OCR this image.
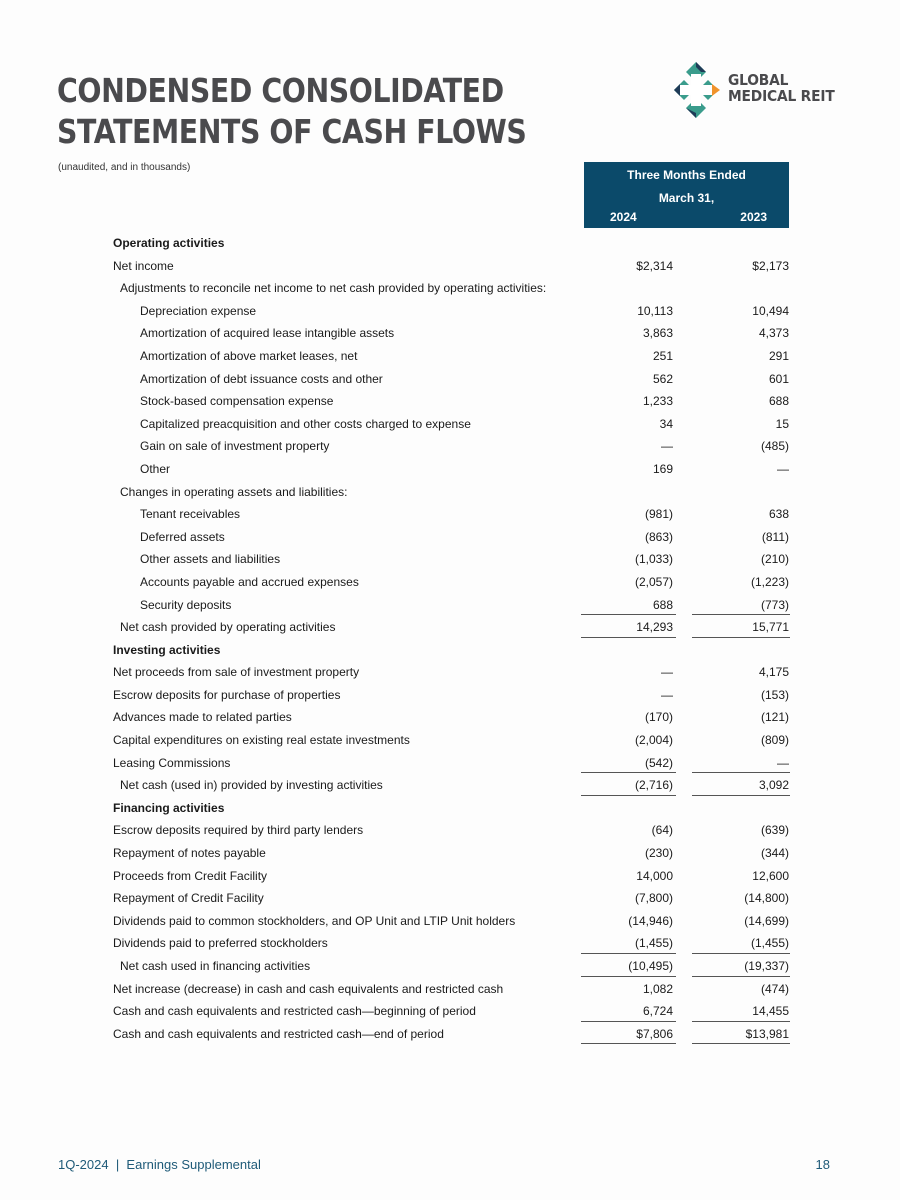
CONDENSED CONSOLIDATED
STATEMENTS OF CASH FLOWS
(unaudited, and in thousands)
GLOBAL
MEDICAL REIT
Three Months Ended
March 31,
2024	2023
Operating activities
Net income	$2,314	$2,173
Adjustments to reconcile net income to net cash provided by operating activities:
Depreciation expense	10,113	10,494
Amortization of acquired lease intangible assets	3,863	4,373
Amortization of above market leases, net	251	291
Amortization of debt issuance costs and other	562	601
Stock-based compensation expense	1,233	688
Capitalized preacquisition and other costs charged to expense	34	15
Gain on sale of investment property	—	(485)
Other	169	—
Changes in operating assets and liabilities:
Tenant receivables	(981)	638
Deferred assets	(863)	(811)
Other assets and liabilities	(1,033)	(210)
Accounts payable and accrued expenses	(2,057)	(1,223)
Security deposits	688	(773)
Net cash provided by operating activities	14,293	15,771
Investing activities
Net proceeds from sale of investment property	—	4,175
Escrow deposits for purchase of properties	—	(153)
Advances made to related parties	(170)	(121)
Capital expenditures on existing real estate investments	(2,004)	(809)
Leasing Commissions	(542)	—
Net cash (used in) provided by investing activities	(2,716)	3,092
Financing activities
Escrow deposits required by third party lenders	(64)	(639)
Repayment of notes payable	(230)	(344)
Proceeds from Credit Facility	14,000	12,600
Repayment of Credit Facility	(7,800)	(14,800)
Dividends paid to common stockholders, and OP Unit and LTIP Unit holders	(14,946)	(14,699)
Dividends paid to preferred stockholders	(1,455)	(1,455)
Net cash used in financing activities	(10,495)	(19,337)
Net increase (decrease) in cash and cash equivalents and restricted cash	1,082	(474)
Cash and cash equivalents and restricted cash—beginning of period	6,724	14,455
Cash and cash equivalents and restricted cash—end of period	$7,806	$13,981
1Q-2024  |  Earnings Supplemental	18
